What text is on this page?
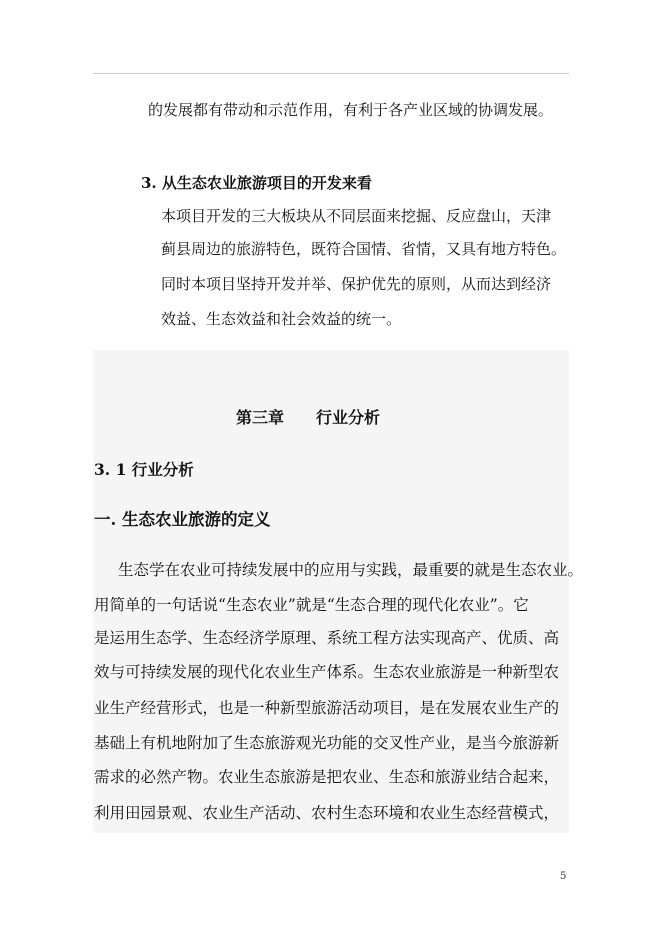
的发展都有带动和示范作用，有利于各产业区域的协调发展。
3. 从生态农业旅游项目的开发来看
本项目开发的三大板块从不同层面来挖掘、反应盘山，天津
蓟县周边的旅游特色，既符合国情、省情，又具有地方特色。
同时本项目坚持开发并举、保护优先的原则，从而达到经济
效益、生态效益和社会效益的统一。
第三章　　行业分析
3. 1 行业分析
一. 生态农业旅游的定义
生态学在农业可持续发展中的应用与实践，最重要的就是生态农业。
用简单的一句话说“生态农业”就是“生态合理的现代化农业”。它
是运用生态学、生态经济学原理、系统工程方法实现高产、优质、高
效与可持续发展的现代化农业生产体系。生态农业旅游是一种新型农
业生产经营形式，也是一种新型旅游活动项目，是在发展农业生产的
基础上有机地附加了生态旅游观光功能的交叉性产业，是当今旅游新
需求的必然产物。农业生态旅游是把农业、生态和旅游业结合起来，
利用田园景观、农业生产活动、农村生态环境和农业生态经营模式，
5
